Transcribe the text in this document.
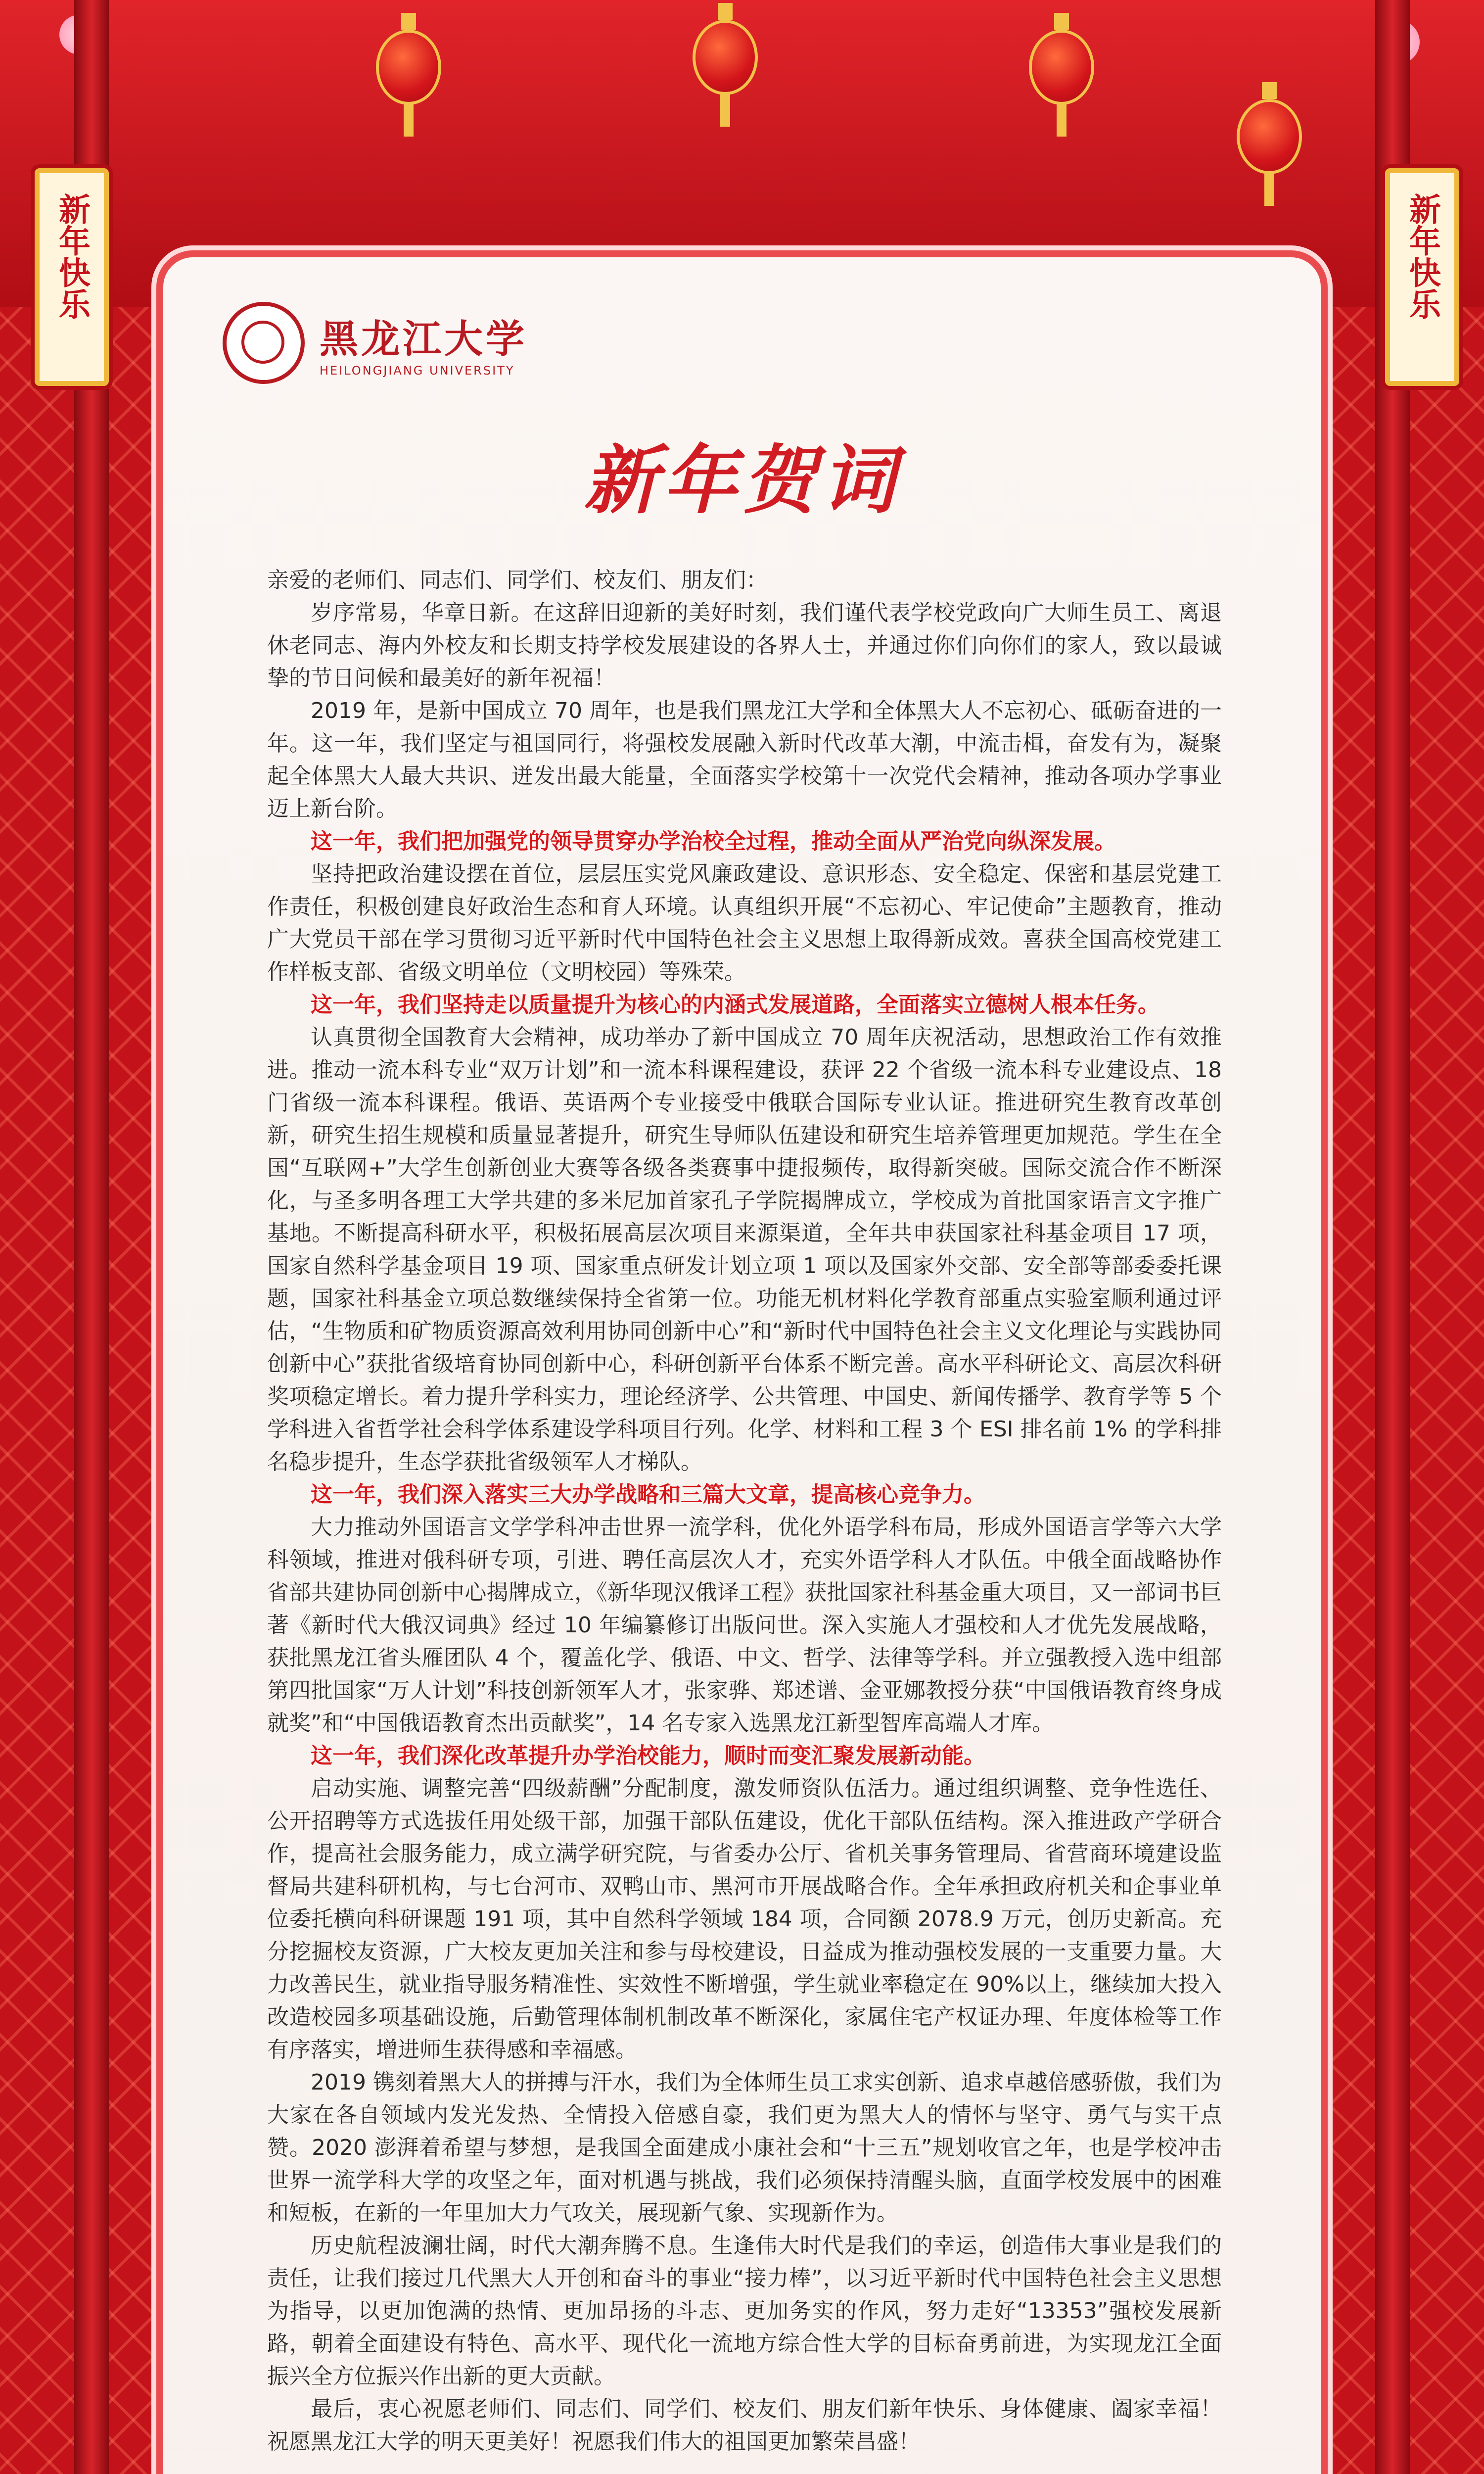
新年快乐	新年快乐
黑龙江大学
HEILONGJIANG UNIVERSITY
新年贺词

亲爱的老师们、同志们、同学们、校友们、朋友们：

岁序常易，华章日新。在这辞旧迎新的美好时刻，我们谨代表学校党政向广大师生员工、离退休老同志、海内外校友和长期支持学校发展建设的各界人士，并通过你们向你们的家人，致以最诚挚的节日问候和最美好的新年祝福！

2019 年，是新中国成立 70 周年，也是我们黑龙江大学和全体黑大人不忘初心、砥砺奋进的一年。这一年，我们坚定与祖国同行，将强校发展融入新时代改革大潮，中流击楫，奋发有为，凝聚起全体黑大人最大共识、迸发出最大能量，全面落实学校第十一次党代会精神，推动各项办学事业迈上新台阶。

这一年，我们把加强党的领导贯穿办学治校全过程，推动全面从严治党向纵深发展。

坚持把政治建设摆在首位，层层压实党风廉政建设、意识形态、安全稳定、保密和基层党建工作责任，积极创建良好政治生态和育人环境。认真组织开展“不忘初心、牢记使命”主题教育，推动广大党员干部在学习贯彻习近平新时代中国特色社会主义思想上取得新成效。喜获全国高校党建工作样板支部、省级文明单位（文明校园）等殊荣。

这一年，我们坚持走以质量提升为核心的内涵式发展道路，全面落实立德树人根本任务。

认真贯彻全国教育大会精神，成功举办了新中国成立 70 周年庆祝活动，思想政治工作有效推进。推动一流本科专业“双万计划”和一流本科课程建设，获评 22 个省级一流本科专业建设点、18 门省级一流本科课程。俄语、英语两个专业接受中俄联合国际专业认证。推进研究生教育改革创新，研究生招生规模和质量显著提升，研究生导师队伍建设和研究生培养管理更加规范。学生在全国“互联网+”大学生创新创业大赛等各级各类赛事中捷报频传，取得新突破。国际交流合作不断深化，与圣多明各理工大学共建的多米尼加首家孔子学院揭牌成立，学校成为首批国家语言文字推广基地。不断提高科研水平，积极拓展高层次项目来源渠道，全年共申获国家社科基金项目 17 项，国家自然科学基金项目 19 项、国家重点研发计划立项 1 项以及国家外交部、安全部等部委委托课题，国家社科基金立项总数继续保持全省第一位。功能无机材料化学教育部重点实验室顺利通过评估，“生物质和矿物质资源高效利用协同创新中心”和“新时代中国特色社会主义文化理论与实践协同创新中心”获批省级培育协同创新中心，科研创新平台体系不断完善。高水平科研论文、高层次科研奖项稳定增长。着力提升学科实力，理论经济学、公共管理、中国史、新闻传播学、教育学等 5 个学科进入省哲学社会科学体系建设学科项目行列。化学、材料和工程 3 个 ESI 排名前 1% 的学科排名稳步提升，生态学获批省级领军人才梯队。

这一年，我们深入落实三大办学战略和三篇大文章，提高核心竞争力。

大力推动外国语言文学学科冲击世界一流学科，优化外语学科布局，形成外国语言学等六大学科领域，推进对俄科研专项，引进、聘任高层次人才，充实外语学科人才队伍。中俄全面战略协作省部共建协同创新中心揭牌成立，《新华现汉俄译工程》获批国家社科基金重大项目，又一部词书巨著《新时代大俄汉词典》经过 10 年编纂修订出版问世。深入实施人才强校和人才优先发展战略，获批黑龙江省头雁团队 4 个，覆盖化学、俄语、中文、哲学、法律等学科。并立强教授入选中组部第四批国家“万人计划”科技创新领军人才，张家骅、郑述谱、金亚娜教授分获“中国俄语教育终身成就奖”和“中国俄语教育杰出贡献奖”，14 名专家入选黑龙江新型智库高端人才库。

这一年，我们深化改革提升办学治校能力，顺时而变汇聚发展新动能。

启动实施、调整完善“四级薪酬”分配制度，激发师资队伍活力。通过组织调整、竞争性选任、公开招聘等方式选拔任用处级干部，加强干部队伍建设，优化干部队伍结构。深入推进政产学研合作，提高社会服务能力，成立满学研究院，与省委办公厅、省机关事务管理局、省营商环境建设监督局共建科研机构，与七台河市、双鸭山市、黑河市开展战略合作。全年承担政府机关和企事业单位委托横向科研课题 191 项，其中自然科学领域 184 项，合同额 2078.9 万元，创历史新高。充分挖掘校友资源，广大校友更加关注和参与母校建设，日益成为推动强校发展的一支重要力量。大力改善民生，就业指导服务精准性、实效性不断增强，学生就业率稳定在 90%以上，继续加大投入改造校园多项基础设施，后勤管理体制机制改革不断深化，家属住宅产权证办理、年度体检等工作有序落实，增进师生获得感和幸福感。

2019 镌刻着黑大人的拼搏与汗水，我们为全体师生员工求实创新、追求卓越倍感骄傲，我们为大家在各自领域内发光发热、全情投入倍感自豪，我们更为黑大人的情怀与坚守、勇气与实干点赞。2020 澎湃着希望与梦想，是我国全面建成小康社会和“十三五”规划收官之年，也是学校冲击世界一流学科大学的攻坚之年，面对机遇与挑战，我们必须保持清醒头脑，直面学校发展中的困难和短板，在新的一年里加大力气攻关，展现新气象、实现新作为。

历史航程波澜壮阔，时代大潮奔腾不息。生逢伟大时代是我们的幸运，创造伟大事业是我们的责任，让我们接过几代黑大人开创和奋斗的事业“接力棒”，以习近平新时代中国特色社会主义思想为指导，以更加饱满的热情、更加昂扬的斗志、更加务实的作风，努力走好“13353”强校发展新路，朝着全面建设有特色、高水平、现代化一流地方综合性大学的目标奋勇前进，为实现龙江全面振兴全方位振兴作出新的更大贡献。

最后，衷心祝愿老师们、同志们、同学们、校友们、朋友们新年快乐、身体健康、阖家幸福！祝愿黑龙江大学的明天更美好！祝愿我们伟大的祖国更加繁荣昌盛！
